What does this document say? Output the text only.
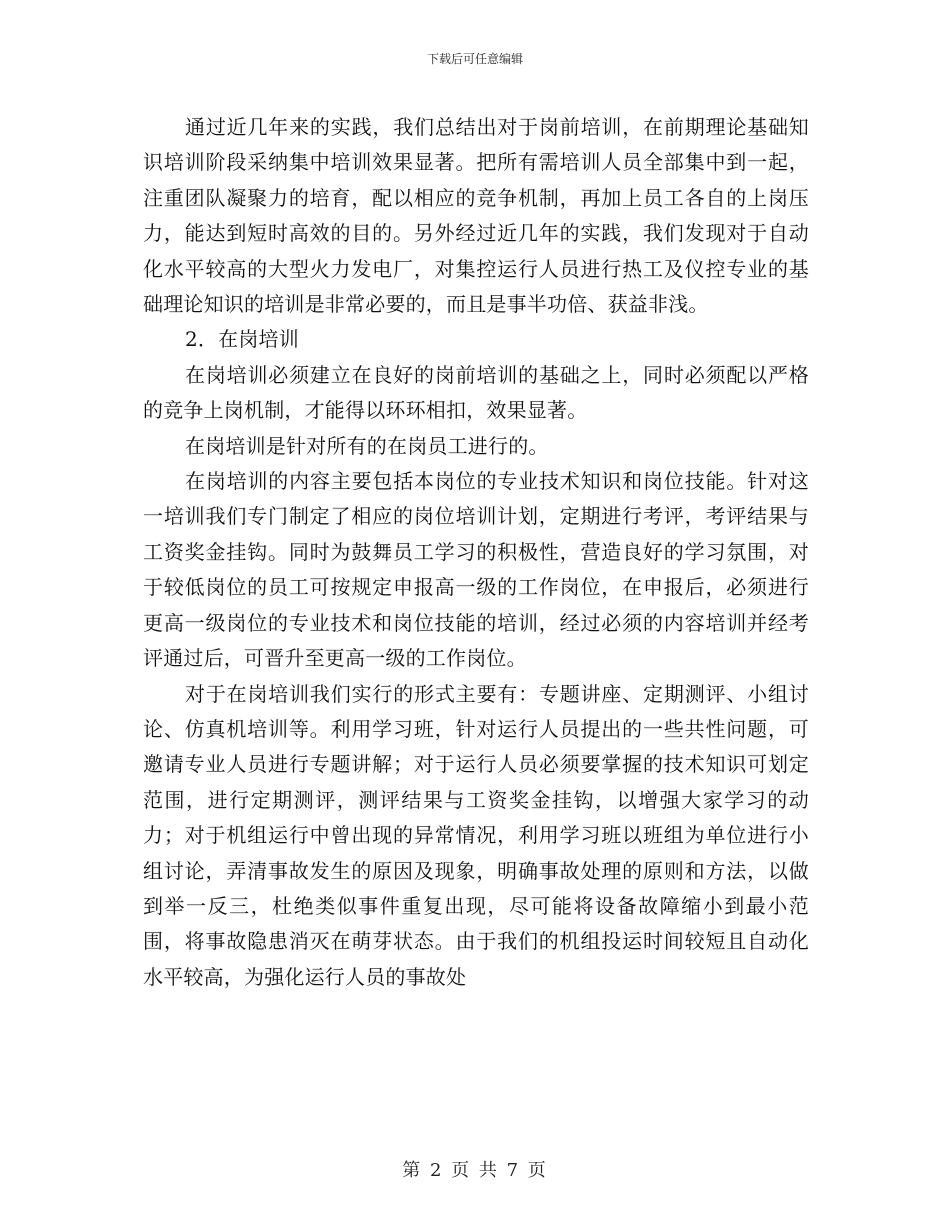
下载后可任意编辑

通过近几年来的实践，我们总结出对于岗前培训，在前期理论基础知识培训阶段采纳集中培训效果显著。把所有需培训人员全部集中到一起，注重团队凝聚力的培育，配以相应的竞争机制，再加上员工各自的上岗压力，能达到短时高效的目的。另外经过近几年的实践，我们发现对于自动化水平较高的大型火力发电厂，对集控运行人员进行热工及仪控专业的基础理论知识的培训是非常必要的，而且是事半功倍、获益非浅。

2．在岗培训

在岗培训必须建立在良好的岗前培训的基础之上，同时必须配以严格的竞争上岗机制，才能得以环环相扣，效果显著。

在岗培训是针对所有的在岗员工进行的。

在岗培训的内容主要包括本岗位的专业技术知识和岗位技能。针对这一培训我们专门制定了相应的岗位培训计划，定期进行考评，考评结果与工资奖金挂钩。同时为鼓舞员工学习的积极性，营造良好的学习氛围，对于较低岗位的员工可按规定申报高一级的工作岗位，在申报后，必须进行更高一级岗位的专业技术和岗位技能的培训，经过必须的内容培训并经考评通过后，可晋升至更高一级的工作岗位。

对于在岗培训我们实行的形式主要有：专题讲座、定期测评、小组讨论、仿真机培训等。利用学习班，针对运行人员提出的一些共性问题，可邀请专业人员进行专题讲解；对于运行人员必须要掌握的技术知识可划定范围，进行定期测评，测评结果与工资奖金挂钩，以增强大家学习的动力；对于机组运行中曾出现的异常情况，利用学习班以班组为单位进行小组讨论，弄清事故发生的原因及现象，明确事故处理的原则和方法，以做到举一反三，杜绝类似事件重复出现，尽可能将设备故障缩小到最小范围，将事故隐患消灭在萌芽状态。由于我们的机组投运时间较短且自动化水平较高，为强化运行人员的事故处

第 2 页 共 7 页
